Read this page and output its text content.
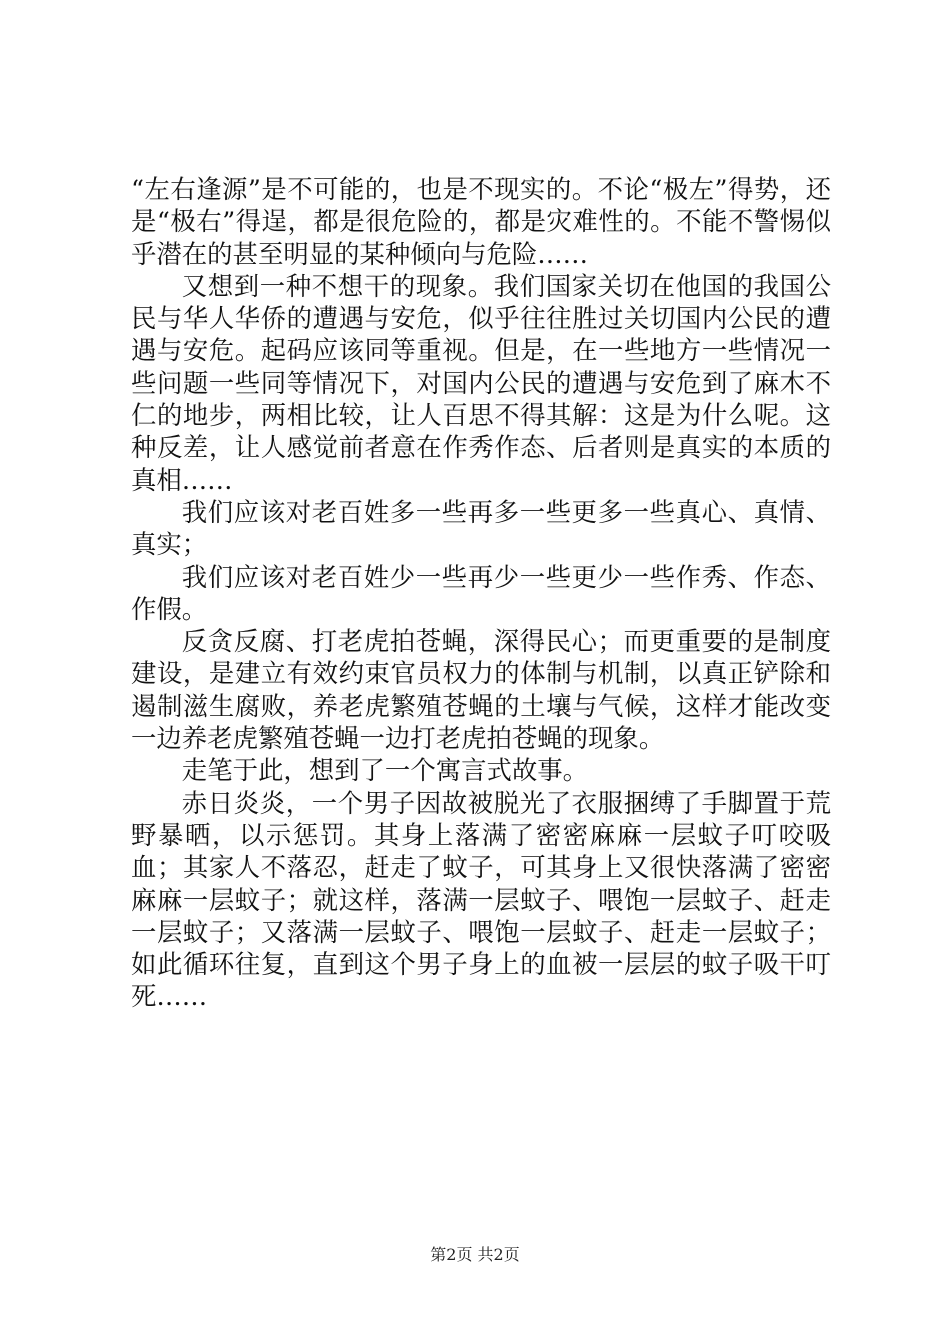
“左右逢源”是不可能的，也是不现实的。不论“极左”得势，还是“极右”得逞，都是很危险的，都是灾难性的。不能不警惕似乎潜在的甚至明显的某种倾向与危险……

又想到一种不想干的现象。我们国家关切在他国的我国公民与华人华侨的遭遇与安危，似乎往往胜过关切国内公民的遭遇与安危。起码应该同等重视。但是，在一些地方一些情况一些问题一些同等情况下，对国内公民的遭遇与安危到了麻木不仁的地步，两相比较，让人百思不得其解：这是为什么呢。这种反差，让人感觉前者意在作秀作态、后者则是真实的本质的真相……

我们应该对老百姓多一些再多一些更多一些真心、真情、真实；

我们应该对老百姓少一些再少一些更少一些作秀、作态、作假。

反贪反腐、打老虎拍苍蝇，深得民心；而更重要的是制度建设，是建立有效约束官员权力的体制与机制，以真正铲除和遏制滋生腐败，养老虎繁殖苍蝇的土壤与气候，这样才能改变一边养老虎繁殖苍蝇一边打老虎拍苍蝇的现象。

走笔于此，想到了一个寓言式故事。

赤日炎炎，一个男子因故被脱光了衣服捆缚了手脚置于荒野暴晒，以示惩罚。其身上落满了密密麻麻一层蚊子叮咬吸血；其家人不落忍，赶走了蚊子，可其身上又很快落满了密密麻麻一层蚊子；就这样，落满一层蚊子、喂饱一层蚊子、赶走一层蚊子；又落满一层蚊子、喂饱一层蚊子、赶走一层蚊子；如此循环往复，直到这个男子身上的血被一层层的蚊子吸干叮死……

第2页 共2页
